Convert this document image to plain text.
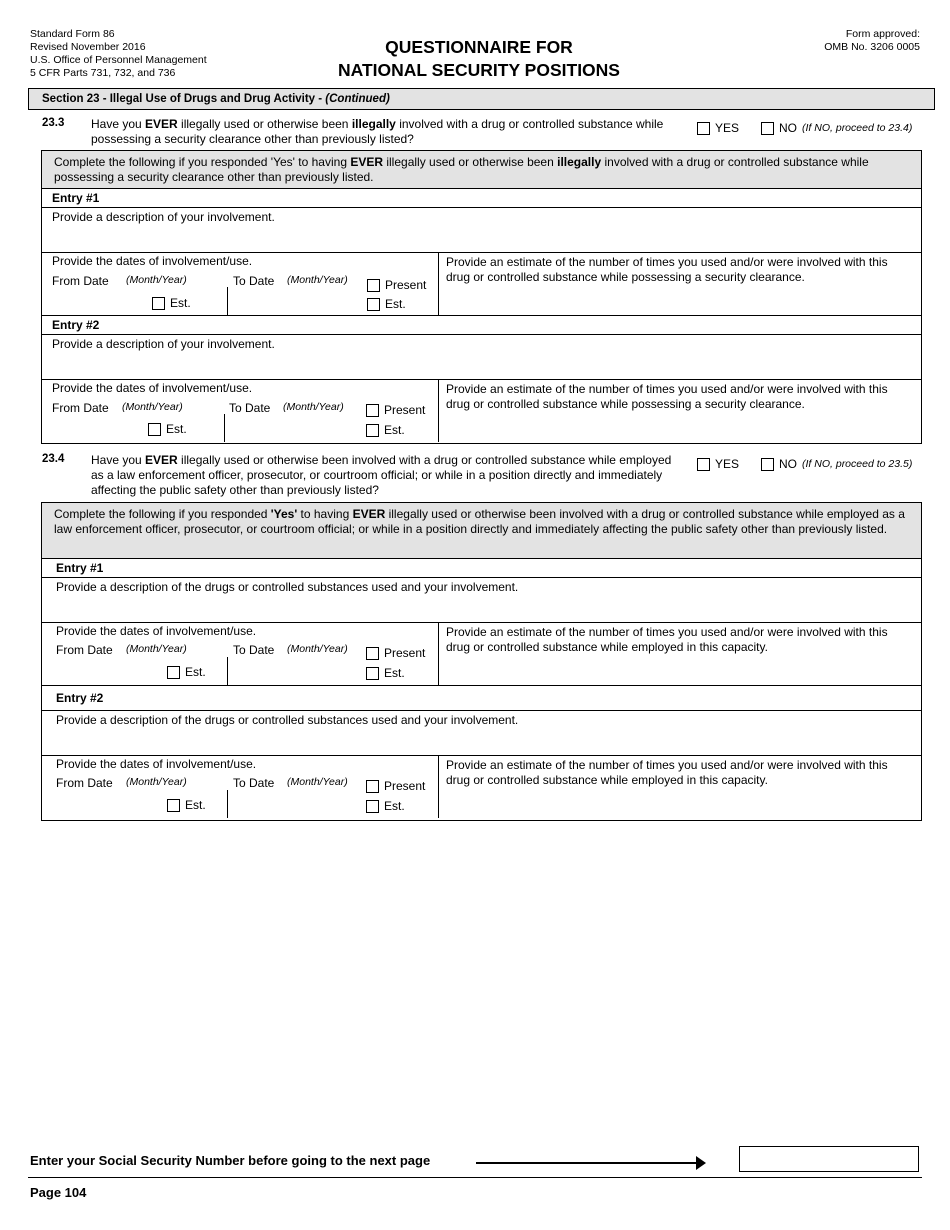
Standard Form 86
Revised November 2016
U.S. Office of Personnel Management
5 CFR Parts 731, 732, and 736
QUESTIONNAIRE FOR
NATIONAL SECURITY POSITIONS
Form approved:
OMB No. 3206 0005
Section 23 - Illegal Use of Drugs and Drug Activity - (Continued)
23.3 Have you EVER illegally used or otherwise been illegally involved with a drug or controlled substance while possessing a security clearance other than previously listed?
YES	NO (If NO, proceed to 23.4)
Complete the following if you responded 'Yes' to having EVER illegally used or otherwise been illegally involved with a drug or controlled substance while possessing a security clearance other than previously listed.
Entry #1
Provide a description of your involvement.
Provide the dates of involvement/use.
From Date (Month/Year)	To Date (Month/Year)	Present
Est.
Est.
Provide an estimate of the number of times you used and/or were involved with this drug or controlled substance while possessing a security clearance.
Entry #2
Provide a description of your involvement.
Provide the dates of involvement/use.
From Date (Month/Year)	To Date (Month/Year)	Present
Est.
Est.
Provide an estimate of the number of times you used and/or were involved with this drug or controlled substance while possessing a security clearance.
23.4 Have you EVER illegally used or otherwise been involved with a drug or controlled substance while employed as a law enforcement officer, prosecutor, or courtroom official; or while in a position directly and immediately affecting the public safety other than previously listed?
YES	NO (If NO, proceed to 23.5)
Complete the following if you responded 'Yes' to having EVER illegally used or otherwise been involved with a drug or controlled substance while employed as a law enforcement officer, prosecutor, or courtroom official; or while in a position directly and immediately affecting the public safety other than previously listed.
Entry #1
Provide a description of the drugs or controlled substances used and your involvement.
Provide the dates of involvement/use.
From Date (Month/Year)	To Date (Month/Year)	Present
Est.
Est.
Provide an estimate of the number of times you used and/or were involved with this drug or controlled substance while employed in this capacity.
Entry #2
Provide a description of the drugs or controlled substances used and your involvement.
Provide the dates of involvement/use.
From Date (Month/Year)	To Date (Month/Year)	Present
Est.
Est.
Provide an estimate of the number of times you used and/or were involved with this drug or controlled substance while employed in this capacity.
Enter your Social Security Number before going to the next page
Page 104
